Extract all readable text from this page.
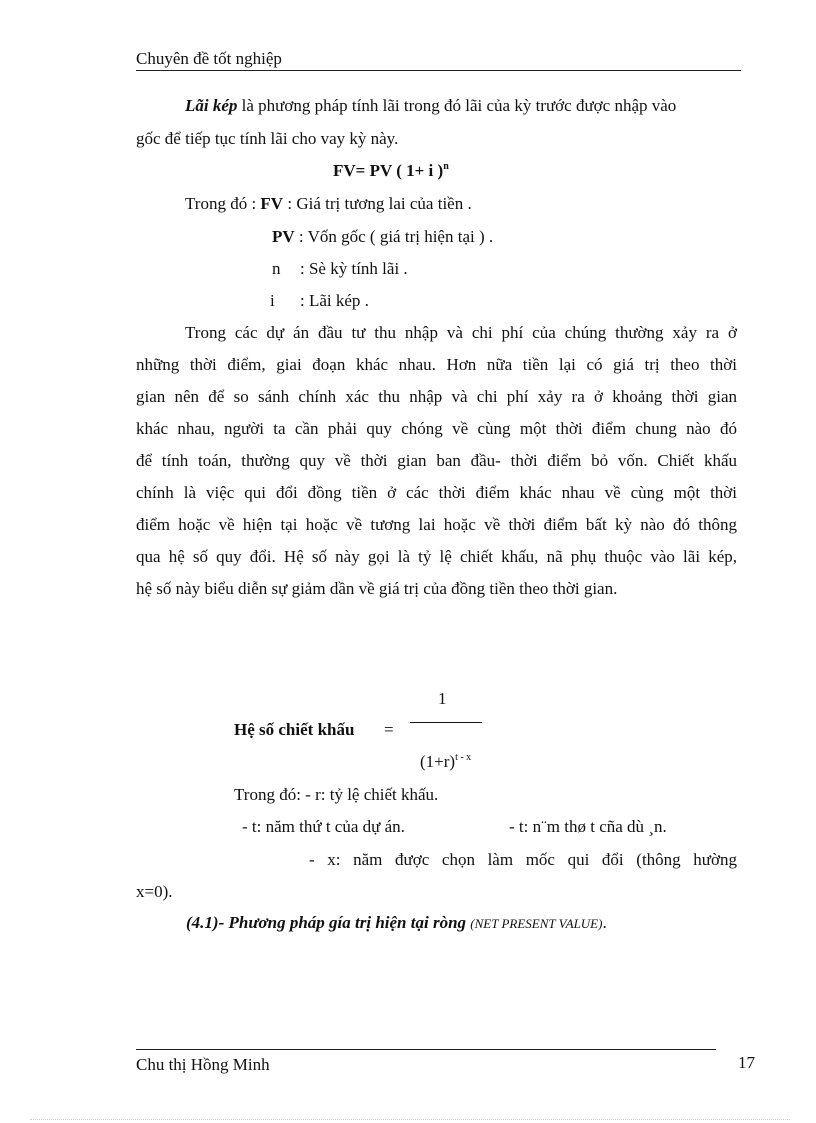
Chuyên đề tốt nghiệp
Lãi kép là phương pháp tính lãi trong đó lãi của kỳ trước được nhập vào
gốc để tiếp tục tính lãi cho vay kỳ này.
FV= PV ( 1+ i )$^n$
Trong đó : FV : Giá trị tương lai của tiền .
PV : Vốn gốc ( giá trị hiện tại ) .
n : Sè kỳ tính lãi .
i : Lãi kép .
Trong các dự án đầu tư thu nhập và chi phí của chúng thường xảy ra ở
những thời điểm, giai đoạn khác nhau. Hơn nữa tiền lại có giá trị theo thời
gian nên để so sánh chính xác thu nhập và chi phí xảy ra ở khoảng thời gian
khác nhau, người ta cần phải quy chóng về cùng một thời điểm chung nào đó
để tính toán, thường quy về thời gian ban đầu- thời điểm bỏ vốn. Chiết khấu
chính là việc qui đổi đồng tiền ở các thời điểm khác nhau về cùng một thời
điểm hoặc về hiện tại hoặc về tương lai hoặc về thời điểm bất kỳ nào đó thông
qua hệ số quy đổi. Hệ số này gọi là tỷ lệ chiết khấu, nã phụ thuộc vào lãi kép,
hệ số này biểu diễn sự giảm dần về giá trị của đồng tiền theo thời gian.
1
Hệ số chiết khấu =
$(1+r)^{t - x}$
Trong đó: - r: tỷ lệ chiết khấu.
- t: năm thứ t của dự án.	- t: n¨m thø t cña dù ¸n.
- x: năm được chọn làm mốc qui đổi (thông hường
x=0).
(4.1)- Phương pháp gía trị hiện tại ròng (NET PRESENT VALUE).
Chu thị Hồng Minh	17
